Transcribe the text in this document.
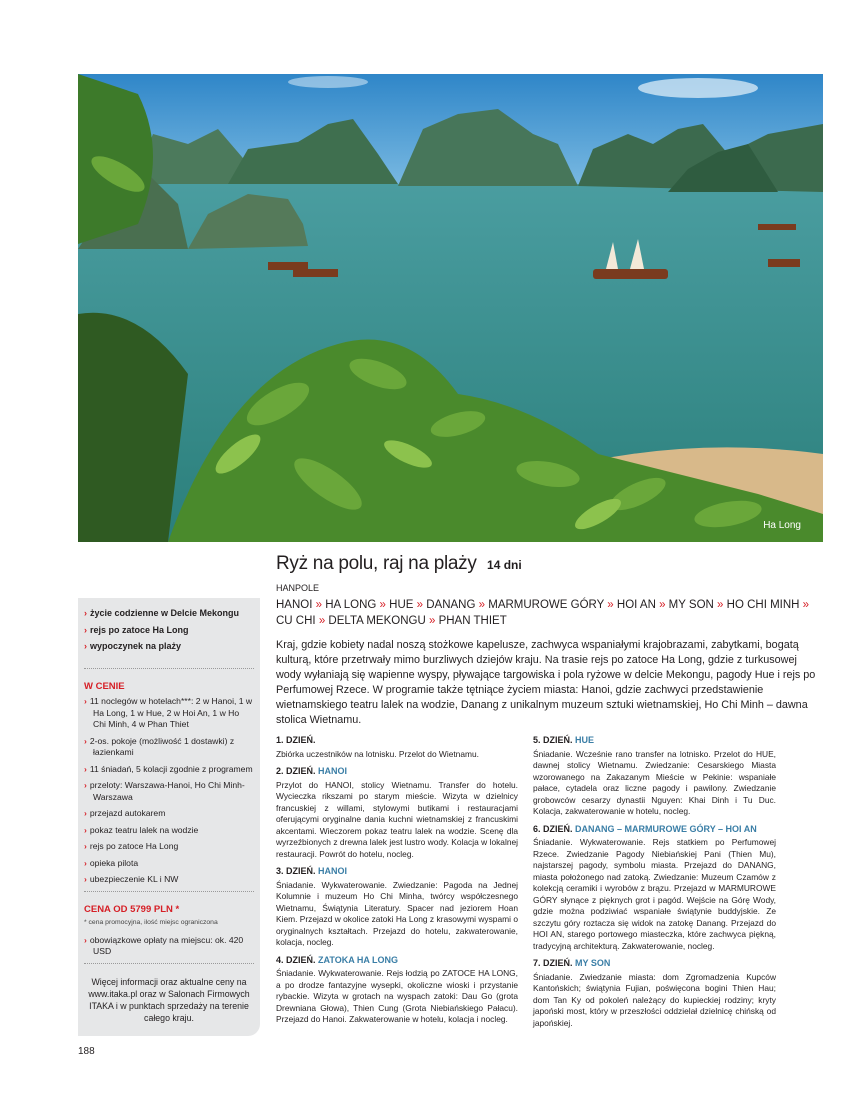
Ha Long
Ryż na polu, raj na plaży 14 dni
HANPOLE
HANOI » HA LONG » HUE » DANANG » MARMUROWE GÓRY » HOI AN » MY SON » HO CHI MINH » CU CHI » DELTA MEKONGU » PHAN THIET
Kraj, gdzie kobiety nadal noszą stożkowe kapelusze, zachwyca wspaniałymi krajobrazami, zabytkami, bogatą kulturą, które przetrwały mimo burzliwych dziejów kraju. Na trasie rejs po zatoce Ha Long, gdzie z turkusowej wody wyłaniają się wapienne wyspy, pływające targowiska i pola ryżowe w delcie Mekongu, pagody Hue i rejs po Perfumowej Rzece. W programie także tętniące życiem miasta: Hanoi, gdzie zachwyci przedstawienie wietnamskiego teatru lalek na wodzie, Danang z unikalnym muzeum sztuki wietnamskiej, Ho Chi Minh – dawna stolica Wietnamu.
› życie codzienne w Delcie Mekongu
› rejs po zatoce Ha Long
› wypoczynek na plaży
W CENIE
› 11 noclegów w hotelach***: 2 w Hanoi, 1 w Ha Long, 1 w Hue, 2 w Hoi An, 1 w Ho Chi Minh, 4 w Phan Thiet
› 2-os. pokoje (możliwość 1 dostawki) z łazienkami
› 11 śniadań, 5 kolacji zgodnie z programem
› przeloty: Warszawa-Hanoi, Ho Chi Minh-Warszawa
› przejazd autokarem
› pokaz teatru lalek na wodzie
› rejs po zatoce Ha Long
› opieka pilota
› ubezpieczenie KL i NW
CENA OD 5799 PLN *
* cena promocyjna, ilość miejsc ograniczona
› obowiązkowe opłaty na miejscu: ok. 420 USD
Więcej informacji oraz aktualne ceny na www.itaka.pl oraz w Salonach Firmowych ITAKA i w punktach sprzedaży na terenie całego kraju.
1. DZIEŃ.
Zbiórka uczestników na lotnisku. Przelot do Wietnamu.
2. DZIEŃ. HANOI
Przylot do HANOI, stolicy Wietnamu. Transfer do hotelu. Wycieczka rikszami po starym mieście. Wizyta w dzielnicy francuskiej z willami, stylowymi butikami i restauracjami oferującymi oryginalne dania kuchni wietnamskiej z francuskimi akcentami. Wieczorem pokaz teatru lalek na wodzie. Scenę dla wyrzeźbionych z drewna lalek jest lustro wody. Kolacja w lokalnej restauracji. Powrót do hotelu, nocleg.
3. DZIEŃ. HANOI
Śniadanie. Wykwaterowanie. Zwiedzanie: Pagoda na Jednej Kolumnie i muzeum Ho Chi Minha, twórcy współczesnego Wietnamu, Świątynia Literatury. Spacer nad jeziorem Hoan Kiem. Przejazd w okolice zatoki Ha Long z krasowymi wyspami o oryginalnych kształtach. Przejazd do hotelu, zakwaterowanie, kolacja, nocleg.
4. DZIEŃ. ZATOKA HA LONG
Śniadanie. Wykwaterowanie. Rejs łodzią po ZATOCE HA LONG, a po drodze fantazyjne wysepki, okoliczne wioski i przystanie rybackie. Wizyta w grotach na wyspach zatoki: Dau Go (grota Drewniana Głowa), Thien Cung (Grota Niebiańskiego Pałacu). Przejazd do Hanoi. Zakwaterowanie w hotelu, kolacja i nocleg.
5. DZIEŃ. HUE
Śniadanie. Wcześnie rano transfer na lotnisko. Przelot do HUE, dawnej stolicy Wietnamu. Zwiedzanie: Cesarskiego Miasta wzorowanego na Zakazanym Mieście w Pekinie: wspaniałe pałace, cytadela oraz liczne pagody i pawilony. Zwiedzanie grobowców cesarzy dynastii Nguyen: Khai Dinh i Tu Duc. Kolacja, zakwaterowanie w hotelu, nocleg.
6. DZIEŃ. DANANG – MARMUROWE GÓRY – HOI AN
Śniadanie. Wykwaterowanie. Rejs statkiem po Perfumowej Rzece. Zwiedzanie Pagody Niebiańskiej Pani (Thien Mu), najstarszej pagody, symbolu miasta. Przejazd do DANANG, miasta położonego nad zatoką. Zwiedzanie: Muzeum Czamów z kolekcją ceramiki i wyrobów z brązu. Przejazd w MARMUROWE GÓRY słynące z pięknych grot i pagód. Wejście na Górę Wody, gdzie można podziwiać wspaniałe świątynie buddyjskie. Ze szczytu góry roztacza się widok na zatokę Danang. Przejazd do HOI AN, starego portowego miasteczka, które zachwyca piękną, tradycyjną architekturą. Zakwaterowanie, nocleg.
7. DZIEŃ. MY SON
Śniadanie. Zwiedzanie miasta: dom Zgromadzenia Kupców Kantońskich; świątynia Fujian, poświęcona bogini Thien Hau; dom Tan Ky od pokoleń należący do kupieckiej rodziny; kryty japoński most, który w przeszłości oddzielał dzielnicę chińską od japońskiej.
188
